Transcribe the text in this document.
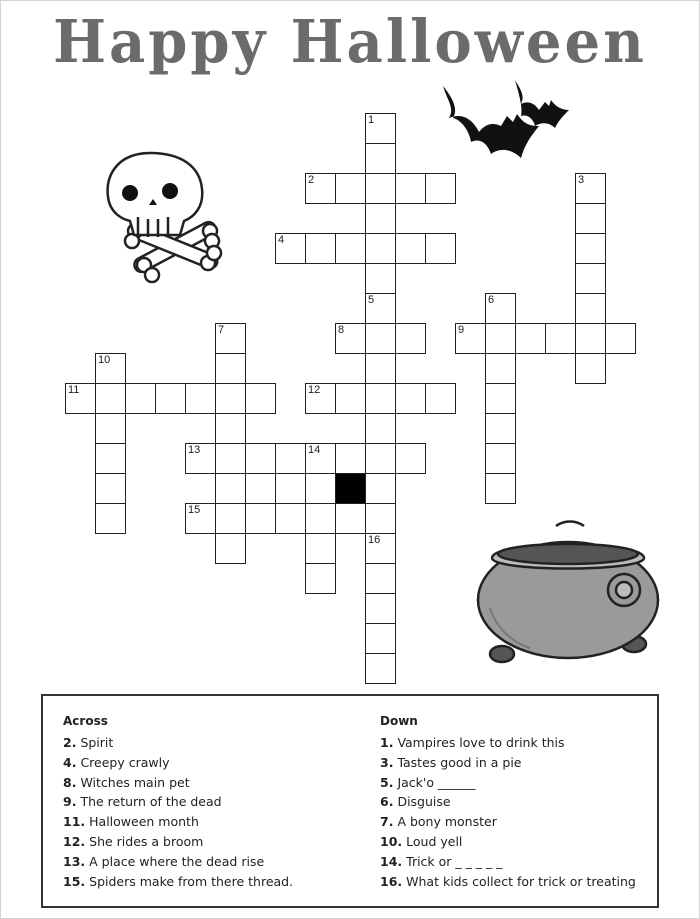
Happy Halloween
1
2	3
4
5	6
7	8	9
10
11	12
13	14
15
16
Across
2. Spirit
4. Creepy crawly
8. Witches main pet
9. The return of the dead
11. Halloween month
12. She rides a broom
13. A place where the dead rise
15. Spiders make from there thread.
Down
1. Vampires love to drink this
3. Tastes good in a pie
5. Jack'o ______
6. Disguise
7. A bony monster
10. Loud yell
14. Trick or _ _ _ _ _
16. What kids collect for trick or treating
